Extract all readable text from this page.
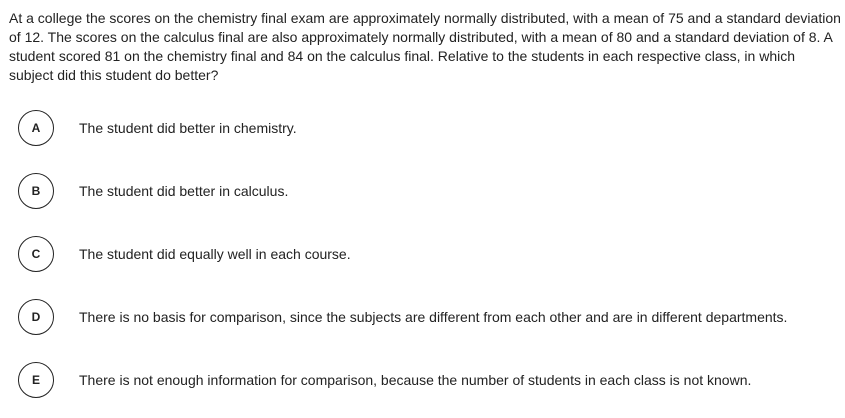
At a college the scores on the chemistry final exam are approximately normally distributed, with a mean of 75 and a standard deviation of 12. The scores on the calculus final are also approximately normally distributed, with a mean of 80 and a standard deviation of 8. A student scored 81 on the chemistry final and 84 on the calculus final. Relative to the students in each respective class, in which subject did this student do better?

A	The student did better in chemistry.
B	The student did better in calculus.
C	The student did equally well in each course.
D	There is no basis for comparison, since the subjects are different from each other and are in different departments.
E	There is not enough information for comparison, because the number of students in each class is not known.
